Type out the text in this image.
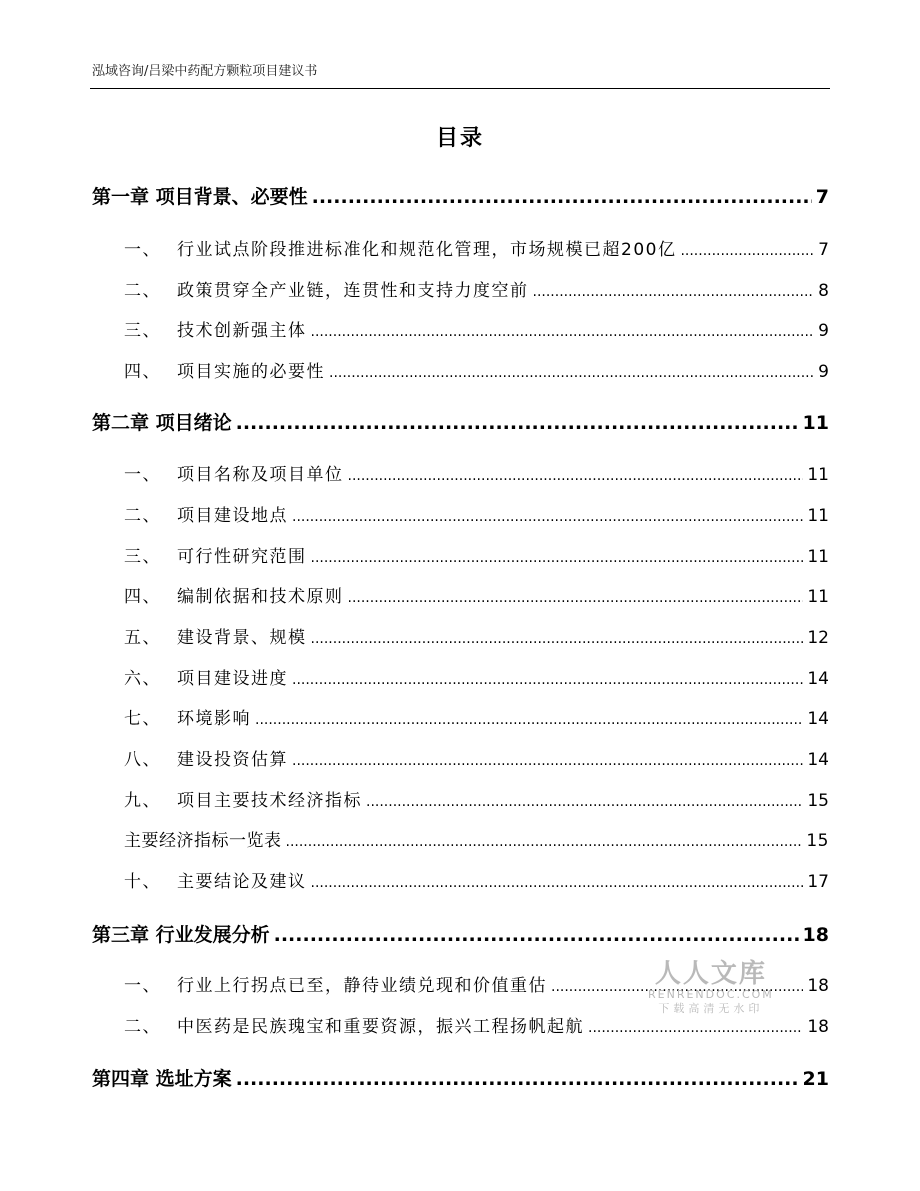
泓域咨询/吕梁中药配方颗粒项目建议书
目录
第一章 项目背景、必要性 .....	7
一、 行业试点阶段推进标准化和规范化管理，市场规模已超200亿 .....	7
二、 政策贯穿全产业链，连贯性和支持力度空前 .....	8
三、 技术创新强主体 .....	9
四、 项目实施的必要性 .....	9
第二章 项目绪论 .....	11
一、 项目名称及项目单位 .....	11
二、 项目建设地点 .....	11
三、 可行性研究范围 .....	11
四、 编制依据和技术原则 .....	11
五、 建设背景、规模 .....	12
六、 项目建设进度 .....	14
七、 环境影响 .....	14
八、 建设投资估算 .....	14
九、 项目主要技术经济指标 .....	15
主要经济指标一览表 .....	15
十、 主要结论及建议 .....	17
第三章 行业发展分析 .....	18
一、 行业上行拐点已至，静待业绩兑现和价值重估 .....	18
二、 中医药是民族瑰宝和重要资源，振兴工程扬帆起航 .....	18
第四章 选址方案 .....	21
人人文库
RENRENDOC.COM
下载高清无水印
